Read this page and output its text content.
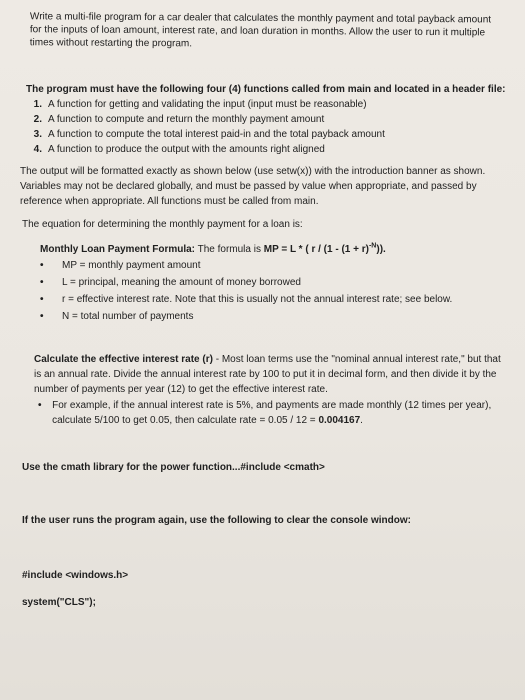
Write a multi-file program for a car dealer that calculates the monthly payment and total payback amount for the inputs of loan amount, interest rate, and loan duration in months. Allow the user to run it multiple times without restarting the program.
The program must have the following four (4) functions called from main and located in a header file:
1. A function for getting and validating the input (input must be reasonable)
2. A function to compute and return the monthly payment amount
3. A function to compute the total interest paid-in and the total payback amount
4. A function to produce the output with the amounts right aligned
The output will be formatted exactly as shown below (use setw(x)) with the introduction banner as shown. Variables may not be declared globally, and must be passed by value when appropriate, and passed by reference when appropriate. All functions must be called from main.
The equation for determining the monthly payment for a loan is:
Monthly Loan Payment Formula: The formula is MP = L * ( $r / (1 - (1 + r)^{-N})$).
•	MP = monthly payment amount
•	L = principal, meaning the amount of money borrowed
•	r = effective interest rate. Note that this is usually not the annual interest rate; see below.
•	N = total number of payments
Calculate the effective interest rate (r) - Most loan terms use the "nominal annual interest rate," but that is an annual rate. Divide the annual interest rate by 100 to put it in decimal form, and then divide it by the number of payments per year (12) to get the effective interest rate.
•	For example, if the annual interest rate is 5%, and payments are made monthly (12 times per year), calculate 5/100 to get 0.05, then calculate rate = 0.05 / 12 = 0.004167.
Use the cmath library for the power function...#include <cmath>
If the user runs the program again, use the following to clear the console window:
#include <windows.h>
system("CLS");
